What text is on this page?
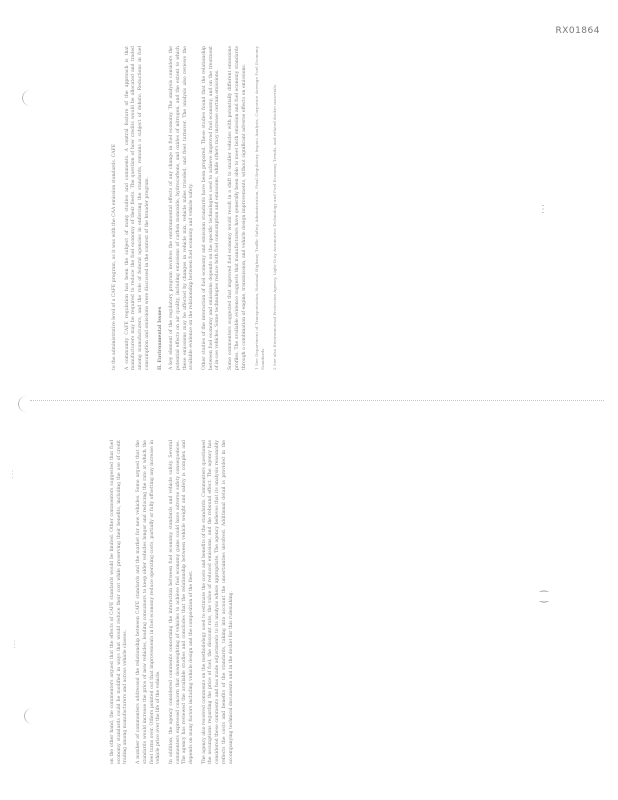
RX01864
⋮
⁐
⋮
⋮

to the administrative level of a CAFE program, as it was with the CAA emission standards. CAFE	A community CAFE regulation has been the subject of many studies and comments. A central feature of the approach is that manufacturers may be required to reduce the fuel economy of their fleets. The question of how credits would be allocated and traded among manufacturers, and the role of federal agencies in enforcing the standards, remains a subject of debate. Reductions in fuel consumption and emissions were discussed in the context of the broader program.	II. Environmental Issues	A key element of the regulatory program involves the environmental effects of any change in fuel economy. The analysis considers the potential effects on air quality, including emissions of carbon monoxide, hydrocarbons, and oxides of nitrogen, and the extent to which these emissions may be affected by changes in vehicle mix, vehicle miles traveled, and fleet turnover. The analysis also reviews the available evidence on the relationship between fuel economy and vehicle safety.	Other studies of the interaction of fuel economy and emission standards have been prepared. These studies found that the relationship between fuel economy and emissions depends on the specific technologies used to achieve improved fuel economy, and on the treatment of in-use vehicles. Some technologies reduce both fuel consumption and emissions, while others may increase certain emissions.	Some commenters suggested that improved fuel economy would result in a shift to smaller vehicles with potentially different emissions profiles. The available evidence suggests that manufacturers have generally been able to meet both emission and fuel economy standards through a combination of engine, transmission, and vehicle design improvements, without significant adverse effects on emissions.	1 See Department of Transportation, National Highway Traffic Safety Administration, Final Regulatory Impact Analysis, Corporate Average Fuel Economy Standards. 2 See also Environmental Protection Agency, Light-Duty Automotive Technology and Fuel Economy Trends, and related docket materials.

on the other hand, the commenters argued that the effects of CAFE standards would be limited. Other commenters suggested that fuel economy standards could be modified in ways that would reduce their cost while preserving their benefits, including the use of credit trading among manufacturers and across vehicle classes.	A number of commenters addressed the relationship between CAFE standards and the market for new vehicles. Some argued that the standards would increase the price of new vehicles, leading consumers to keep older vehicles longer and reducing the rate at which the fleet turns over. Others pointed out that improvements in fuel economy reduce operating costs, partially or fully offsetting any increase in vehicle price over the life of the vehicle.	In addition, the agency considered comments concerning the interaction between fuel economy standards and vehicle safety. Several commenters expressed concern that downweighting of vehicles to achieve fuel economy gains could have adverse safety consequences. The agency has reviewed the available studies and concludes that the relationship between vehicle weight and safety is complex and depends on many factors including vehicle design and the composition of the fleet.	The agency also received comments on the methodology used to estimate the costs and benefits of the standards. Commenters questioned the assumptions regarding the price of fuel, the discount rate, the value of reduced emissions, and the rebound effect. The agency has considered these comments and has made adjustments to its analysis where appropriate. The agency believes that its analysis reasonably reflects the costs and benefits of the standards, taking into account the uncertainties involved. Additional detail is provided in the accompanying technical documents and in the docket for this rulemaking.
